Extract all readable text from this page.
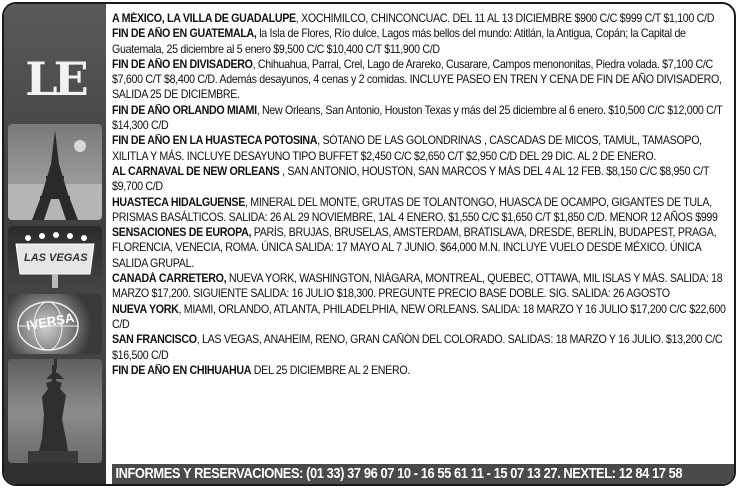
LE
LAS VEGAS
IVERSA

A MÉXICO, LA VILLA DE GUADALUPE, XOCHIMILCO, CHINCONCUAC. DEL 11 AL 13 DICIEMBRE $900 C/C $999 C/T $1,100 C/D

FIN DE AÑO EN GUATEMALA, la Isla de Flores, Río dulce, Lagos más bellos del mundo: Atitlán, la Antigua, Copán; la Capital de Guatemala, 25 diciembre al 5 enero $9,500 C/C $10,400 C/T $11,900 C/D

FIN DE AÑO EN DIVISADERO, Chihuahua, Parral, Crel, Lago de Arareko, Cusarare, Campos menononitas, Piedra volada. $7,100 C/C $7,600 C/T $8,400 C/D. Además desayunos, 4 cenas y 2 comidas. INCLUYE PASEO EN TREN Y CENA DE FIN DE AÑO DIVISADERO, SALIDA 25 DE DICIEMBRE.

FIN DE AÑO ORLANDO MIAMI, New Orleans, San Antonio, Houston Texas y más del 25 diciembre al 6 enero. $10,500 C/C $12,000 C/T $14,300 C/D

FIN DE AÑO EN LA HUASTECA POTOSINA, SÓTANO DE LAS GOLONDRINAS , CASCADAS DE MICOS, TAMUL, TAMASOPO, XILITLA Y MÁS. INCLUYE DESAYUNO TIPO BUFFET $2,450 C/C $2,650 C/T $2,950 C/D DEL 29 DIC. AL 2 DE ENERO.

AL CARNAVAL DE NEW ORLEANS , SAN ANTONIO, HOUSTON, SAN MARCOS Y MÁS DEL 4 AL 12 FEB. $8,150 C/C $8,950 C/T $9,700 C/D

HUASTECA HIDALGUENSE, MINERAL DEL MONTE, GRUTAS DE TOLANTONGO, HUASCA DE OCAMPO, GIGANTES DE TULA, PRISMAS BASÁLTICOS. SALIDA: 26 AL 29 NOVIEMBRE, 1AL 4 ENERO. $1,550 C/C $1,650 C/T $1,850 C/D. MENOR 12 AÑOS $999

SENSACIONES DE EUROPA, PARÍS, BRUJAS, BRUSELAS, AMSTERDAM, BRATISLAVA, DRESDE, BERLÍN, BUDAPEST, PRAGA, FLORENCIA, VENECIA, ROMA. ÚNICA SALIDA: 17 MAYO AL 7 JUNIO. $64,000 M.N. INCLUYE VUELO DESDE MÉXICO. ÚNICA SALIDA GRUPAL.

CANADÁ CARRETERO, NUEVA YORK, WASHINGTON, NIÁGARA, MONTREAL, QUEBEC, OTTAWA, MIL ISLAS Y MÁS. SALIDA: 18 MARZO $17,200. SIGUIENTE SALIDA: 16 JULIO $18,300. PREGUNTE PRECIO BASE DOBLE. SIG. SALIDA: 26 AGOSTO

NUEVA YORK, MIAMI, ORLANDO, ATLANTA, PHILADELPHIA, NEW ORLEANS. SALIDA: 18 MARZO Y 16 JULIO $17,200 C/C $22,600 C/D

SAN FRANCISCO, LAS VEGAS, ANAHEIM, RENO, GRAN CAÑÓN DEL COLORADO. SALIDAS: 18 MARZO Y 16 JULIO. $13,200 C/C $16,500 C/D

FIN DE AÑO EN CHIHUAHUA DEL 25 DICIEMBRE AL 2 ENERO.

INFORMES Y RESERVACIONES: (01 33) 37 96 07 10 - 16 55 61 11 - 15 07 13 27. NEXTEL: 12 84 17 58
